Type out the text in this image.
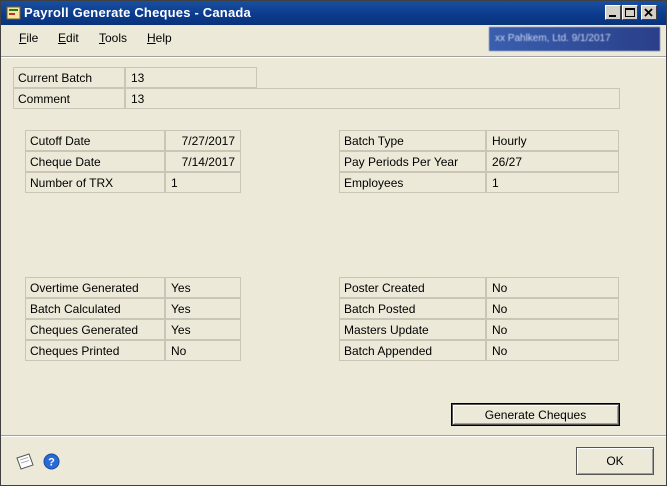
Payroll Generate Cheques - Canada
File Edit Tools Help	xx Pahlkem, Ltd. 9/1/2017
Current Batch	13
Comment	13
Cutoff Date	7/27/2017
Cheque Date	7/14/2017
Number of TRX	1
Batch Type	Hourly
Pay Periods Per Year	26/27
Employees	1
Overtime Generated	Yes
Batch Calculated	Yes
Cheques Generated	Yes
Cheques Printed	No
Poster Created	No
Batch Posted	No
Masters Update	No
Batch Appended	No
Generate Cheques
?	OK
